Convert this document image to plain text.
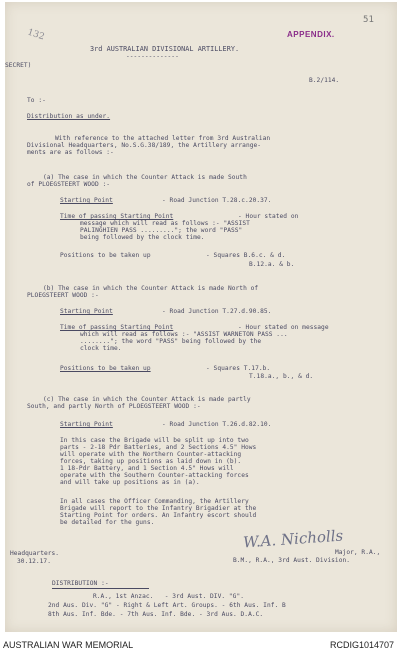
132
51
APPENDIX.
3rd AUSTRALIAN DIVISIONAL ARTILLERY.
--------------
SECRET)
B.2/114.
To :-
Distribution as under.
With reference to the attached letter from 3rd Australian
Divisional Headquarters, No.S.G.38/189, the Artillery arrange-
ments are as follows :-
(a) The case in which the Counter Attack is made South
of PLOEGSTEERT WOOD :-
Starting Point	- Road Junction T.28.c.20.37.
Time of passing Starting Point	- Hour stated on
message which will read as follows :- "ASSIST
PALINGHIEN PASS ........."; the word "PASS"
being followed by the clock time.
Positions to be taken up	- Squares B.6.c. & d.
B.12.a. & b.
(b) The case in which the Counter Attack is made North of
PLOEGSTEERT WOOD :-
Starting Point	- Road Junction T.27.d.90.85.
Time of passing Starting Point	- Hour stated on message
which will read as follows :- "ASSIST WARNETON PASS ...
........"; the word "PASS" being followed by the
clock time.
Positions to be taken up	- Squares T.17.b.
T.18.a., b., & d.
(c) The case in which the Counter Attack is made partly
South, and partly North of PLOEGSTEERT WOOD :-
Starting Point	- Road Junction T.26.d.82.10.
In this case the Brigade will be split up into two
parts - 2-18 Pdr Batteries, and 2 Sections 4.5" Hows
will operate with the Northern Counter-attacking
forces, taking up positions as laid down in (b).
1 18-Pdr Battery, and 1 Section 4.5" Hows will
operate with the Southern Counter-attacking forces
and will take up positions as in (a).
In all cases the Officer Commanding, the Artillery
Brigade will report to the Infantry Brigadier at the
Starting Point for orders. An Infantry escort should
be detailed for the guns.
Headquarters.
30.12.17.
W.A. Nicholls
Major, R.A.,
B.M., R.A., 3rd Aust. Division.
DISTRIBUTION :-
R.A., 1st Anzac.   - 3rd Aust. DIV. "G".
2nd Aus. Div. "G" - Right & Left Art. Groups. - 6th Aus. Inf. B
8th Aus. Inf. Bde. - 7th Aus. Inf. Bde. - 3rd Aus. D.A.C.
AUSTRALIAN WAR MEMORIAL	RCDIG1014707
